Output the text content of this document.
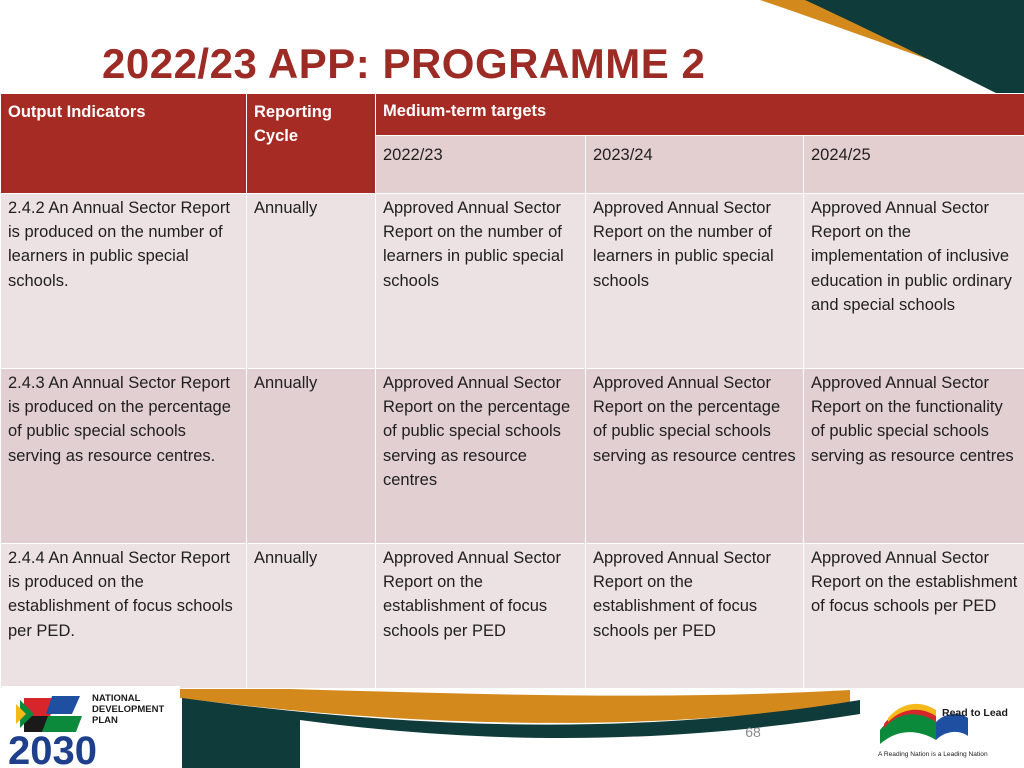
2022/23 APP: PROGRAMME 2
Output Indicators	Reporting Cycle	Medium-term targets		
		2022/23	2023/24	2024/25
2.4.2 An Annual Sector Report is produced on the number of learners in public special schools.	Annually	Approved Annual Sector Report on the number of learners in public special schools	Approved Annual Sector Report on the number of learners in public special schools	Approved Annual Sector Report on the implementation of inclusive education in public ordinary and special schools
2.4.3 An Annual Sector Report is produced on the percentage of public special schools serving as resource centres.	Annually	Approved Annual Sector Report on the percentage of public special schools serving as resource centres	Approved Annual Sector Report on the percentage of public special schools serving as resource centres	Approved Annual Sector Report on the functionality of public special schools serving as resource centres
2.4.4 An Annual Sector Report is produced on the establishment of focus schools per PED.	Annually	Approved Annual Sector Report on the establishment of focus schools per PED	Approved Annual Sector Report on the establishment of focus schools per PED	Approved Annual Sector Report on the establishment of focus schools per PED
NATIONAL
DEVELOPMENT
PLAN
2030	68
Read to Lead
A Reading Nation is a Leading Nation
